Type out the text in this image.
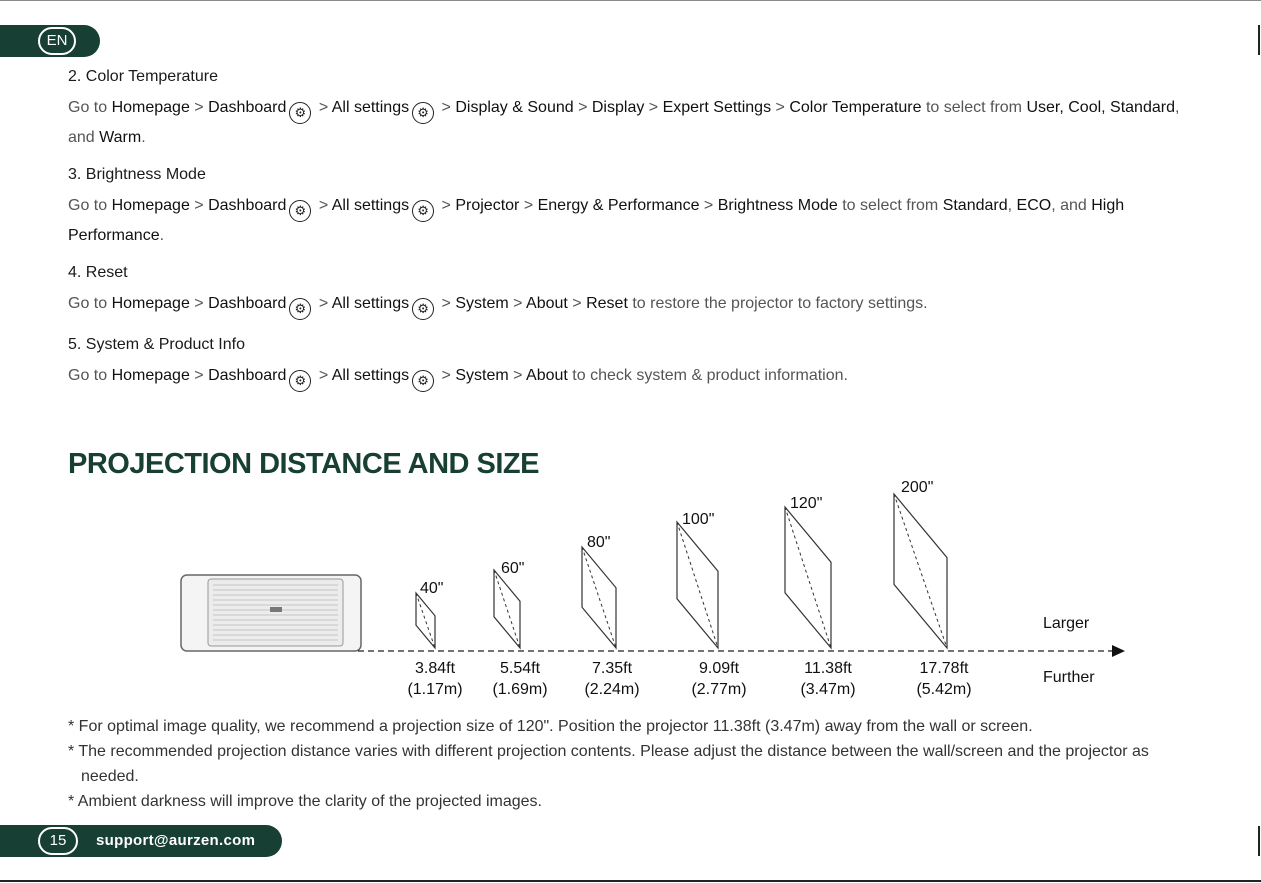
EN
2. Color Temperature
Go to Homepage > Dashboard ⚙ > All settings ⚙ > Display & Sound > Display > Expert Settings > Color Temperature to select from User, Cool, Standard, and Warm.
3. Brightness Mode
Go to Homepage > Dashboard ⚙ > All settings ⚙ > Projector > Energy & Performance > Brightness Mode to select from Standard, ECO, and High Performance.
4. Reset
Go to Homepage > Dashboard ⚙ > All settings ⚙ > System > About > Reset to restore the projector to factory settings.
5. System & Product Info
Go to Homepage > Dashboard ⚙ > All settings ⚙ > System > About to check system & product information.
PROJECTION DISTANCE AND SIZE
40"
3.84ft
(1.17m)
60"
5.54ft
(1.69m)
80"
7.35ft
(2.24m)
100"
9.09ft
(2.77m)
120"
11.38ft
(3.47m)
200"
17.78ft
(5.42m)
Larger
Further
* For optimal image quality, we recommend a projection size of 120". Position the projector 11.38ft (3.47m) away from the wall or screen.
* The recommended projection distance varies with different projection contents. Please adjust the distance between the wall/screen and the projector as needed.
* Ambient darkness will improve the clarity of the projected images.
15	support@aurzen.com
